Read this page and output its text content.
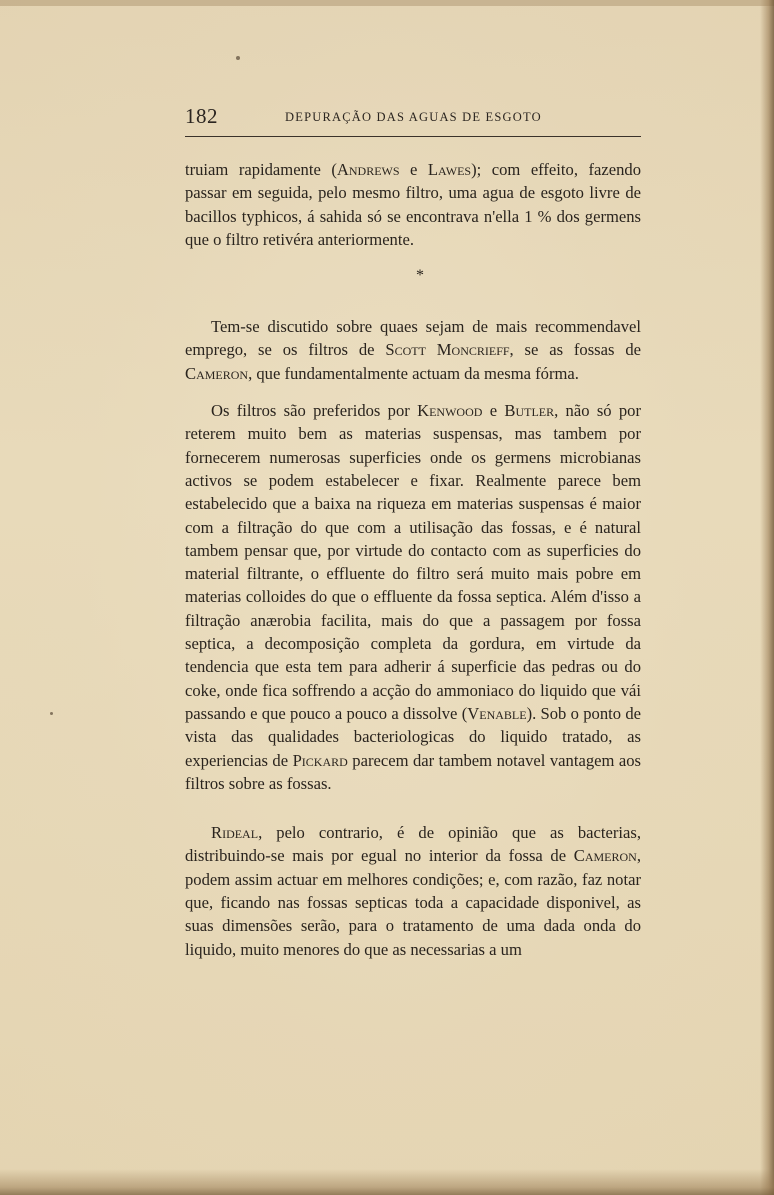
182	DEPURAÇÃO DAS AGUAS DE ESGOTO

truiam rapidamente (Andrews e Lawes); com effeito, fazendo passar em seguida, pelo mesmo filtro, uma agua de esgoto livre de bacillos typhicos, á sahida só se encontrava n'ella 1 % dos germens que o filtro retivéra anteriormente.

*

Tem-se discutido sobre quaes sejam de mais recommendavel emprego, se os filtros de Scott Moncrieff, se as fossas de Cameron, que fundamentalmente actuam da mesma fórma.

Os filtros são preferidos por Kenwood e Butler, não só por reterem muito bem as materias suspensas, mas tambem por fornecerem numerosas superficies onde os germens microbianas activos se podem estabelecer e fixar. Realmente parece bem estabelecido que a baixa na riqueza em materias suspensas é maior com a filtração do que com a utilisação das fossas, e é natural tambem pensar que, por virtude do contacto com as superficies do material filtrante, o effluente do filtro será muito mais pobre em materias colloides do que o effluente da fossa septica. Além d'isso a filtração anærobia facilita, mais do que a passagem por fossa septica, a decomposição completa da gordura, em virtude da tendencia que esta tem para adherir á superficie das pedras ou do coke, onde fica soffrendo a acção do ammoniaco do liquido que vái passando e que pouco a pouco a dissolve (Venable). Sob o ponto de vista das qualidades bacteriologicas do liquido tratado, as experiencias de Pickard parecem dar tambem notavel vantagem aos filtros sobre as fossas.

Rideal, pelo contrario, é de opinião que as bacterias, distribuindo-se mais por egual no interior da fossa de Cameron, podem assim actuar em melhores condições; e, com razão, faz notar que, ficando nas fossas septicas toda a capacidade disponivel, as suas dimensões serão, para o tratamento de uma dada onda do liquido, muito menores do que as necessarias a um
